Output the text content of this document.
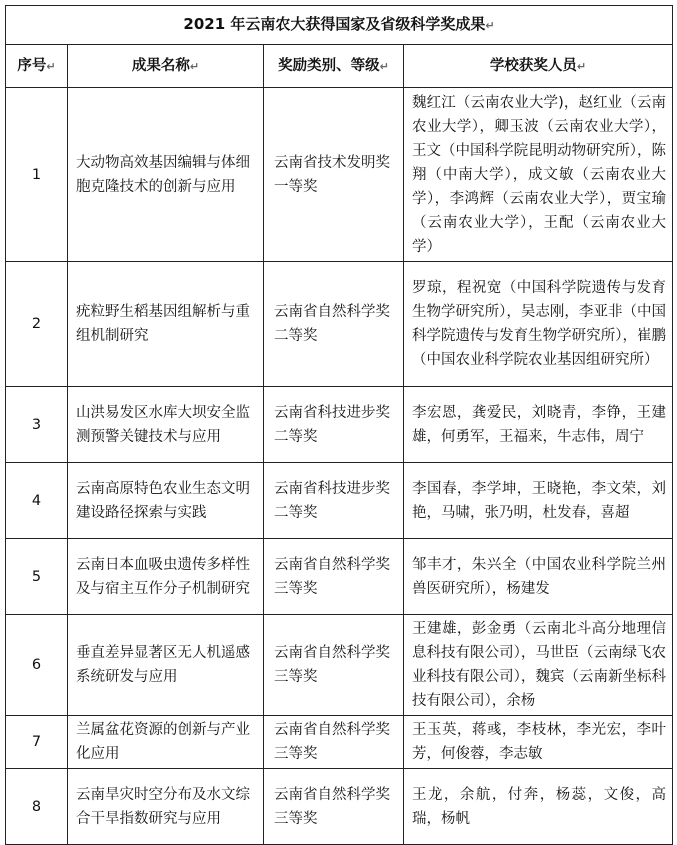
2021 年云南农大获得国家及省级科学奖成果↵			
序号↵	成果名称↵	奖励类别、等级↵	学校获奖人员↵
1	大动物高效基因编辑与体细胞克隆技术的创新与应用	云南省技术发明奖一等奖	魏红江（云南农业大学)，赵红业（云南农业大学），卿玉波（云南农业大学），王文（中国科学院昆明动物研究所），陈翔（中南大学），成文敏（云南农业大学），李鸿辉（云南农业大学），贾宝瑜（云南农业大学），王配（云南农业大学）
2	疣粒野生稻基因组解析与重组机制研究	云南省自然科学奖二等奖	罗琼，程祝宽（中国科学院遗传与发育生物学研究所），吴志刚，李亚非（中国科学院遗传与发育生物学研究所），崔鹏（中国农业科学院农业基因组研究所）
3	山洪易发区水库大坝安全监测预警关键技术与应用	云南省科技进步奖二等奖	李宏恩，龚爱民，刘晓青，李铮，王建雄，何勇军，王福来，牛志伟，周宁
4	云南高原特色农业生态文明建设路径探索与实践	云南省科技进步奖二等奖	李国春，李学坤，王晓艳，李文荣，刘艳，马啸，张乃明，杜发春，喜超
5	云南日本血吸虫遗传多样性及与宿主互作分子机制研究	云南省自然科学奖三等奖	邹丰才，朱兴全（中国农业科学院兰州兽医研究所），杨建发
6	垂直差异显著区无人机遥感系统研发与应用	云南省自然科学奖三等奖	王建雄，彭金勇（云南北斗高分地理信息科技有限公司），马世臣（云南绿飞农业科技有限公司），魏宾（云南新坐标科技有限公司），余杨
7	兰属盆花资源的创新与产业化应用	云南省自然科学奖三等奖	王玉英，蒋彧，李枝林，李光宏，李叶芳，何俊蓉，李志敏
8	云南旱灾时空分布及水文综合干旱指数研究与应用	云南省自然科学奖三等奖	王龙，余航，付奔，杨蕊，文俊，高瑞，杨帆
